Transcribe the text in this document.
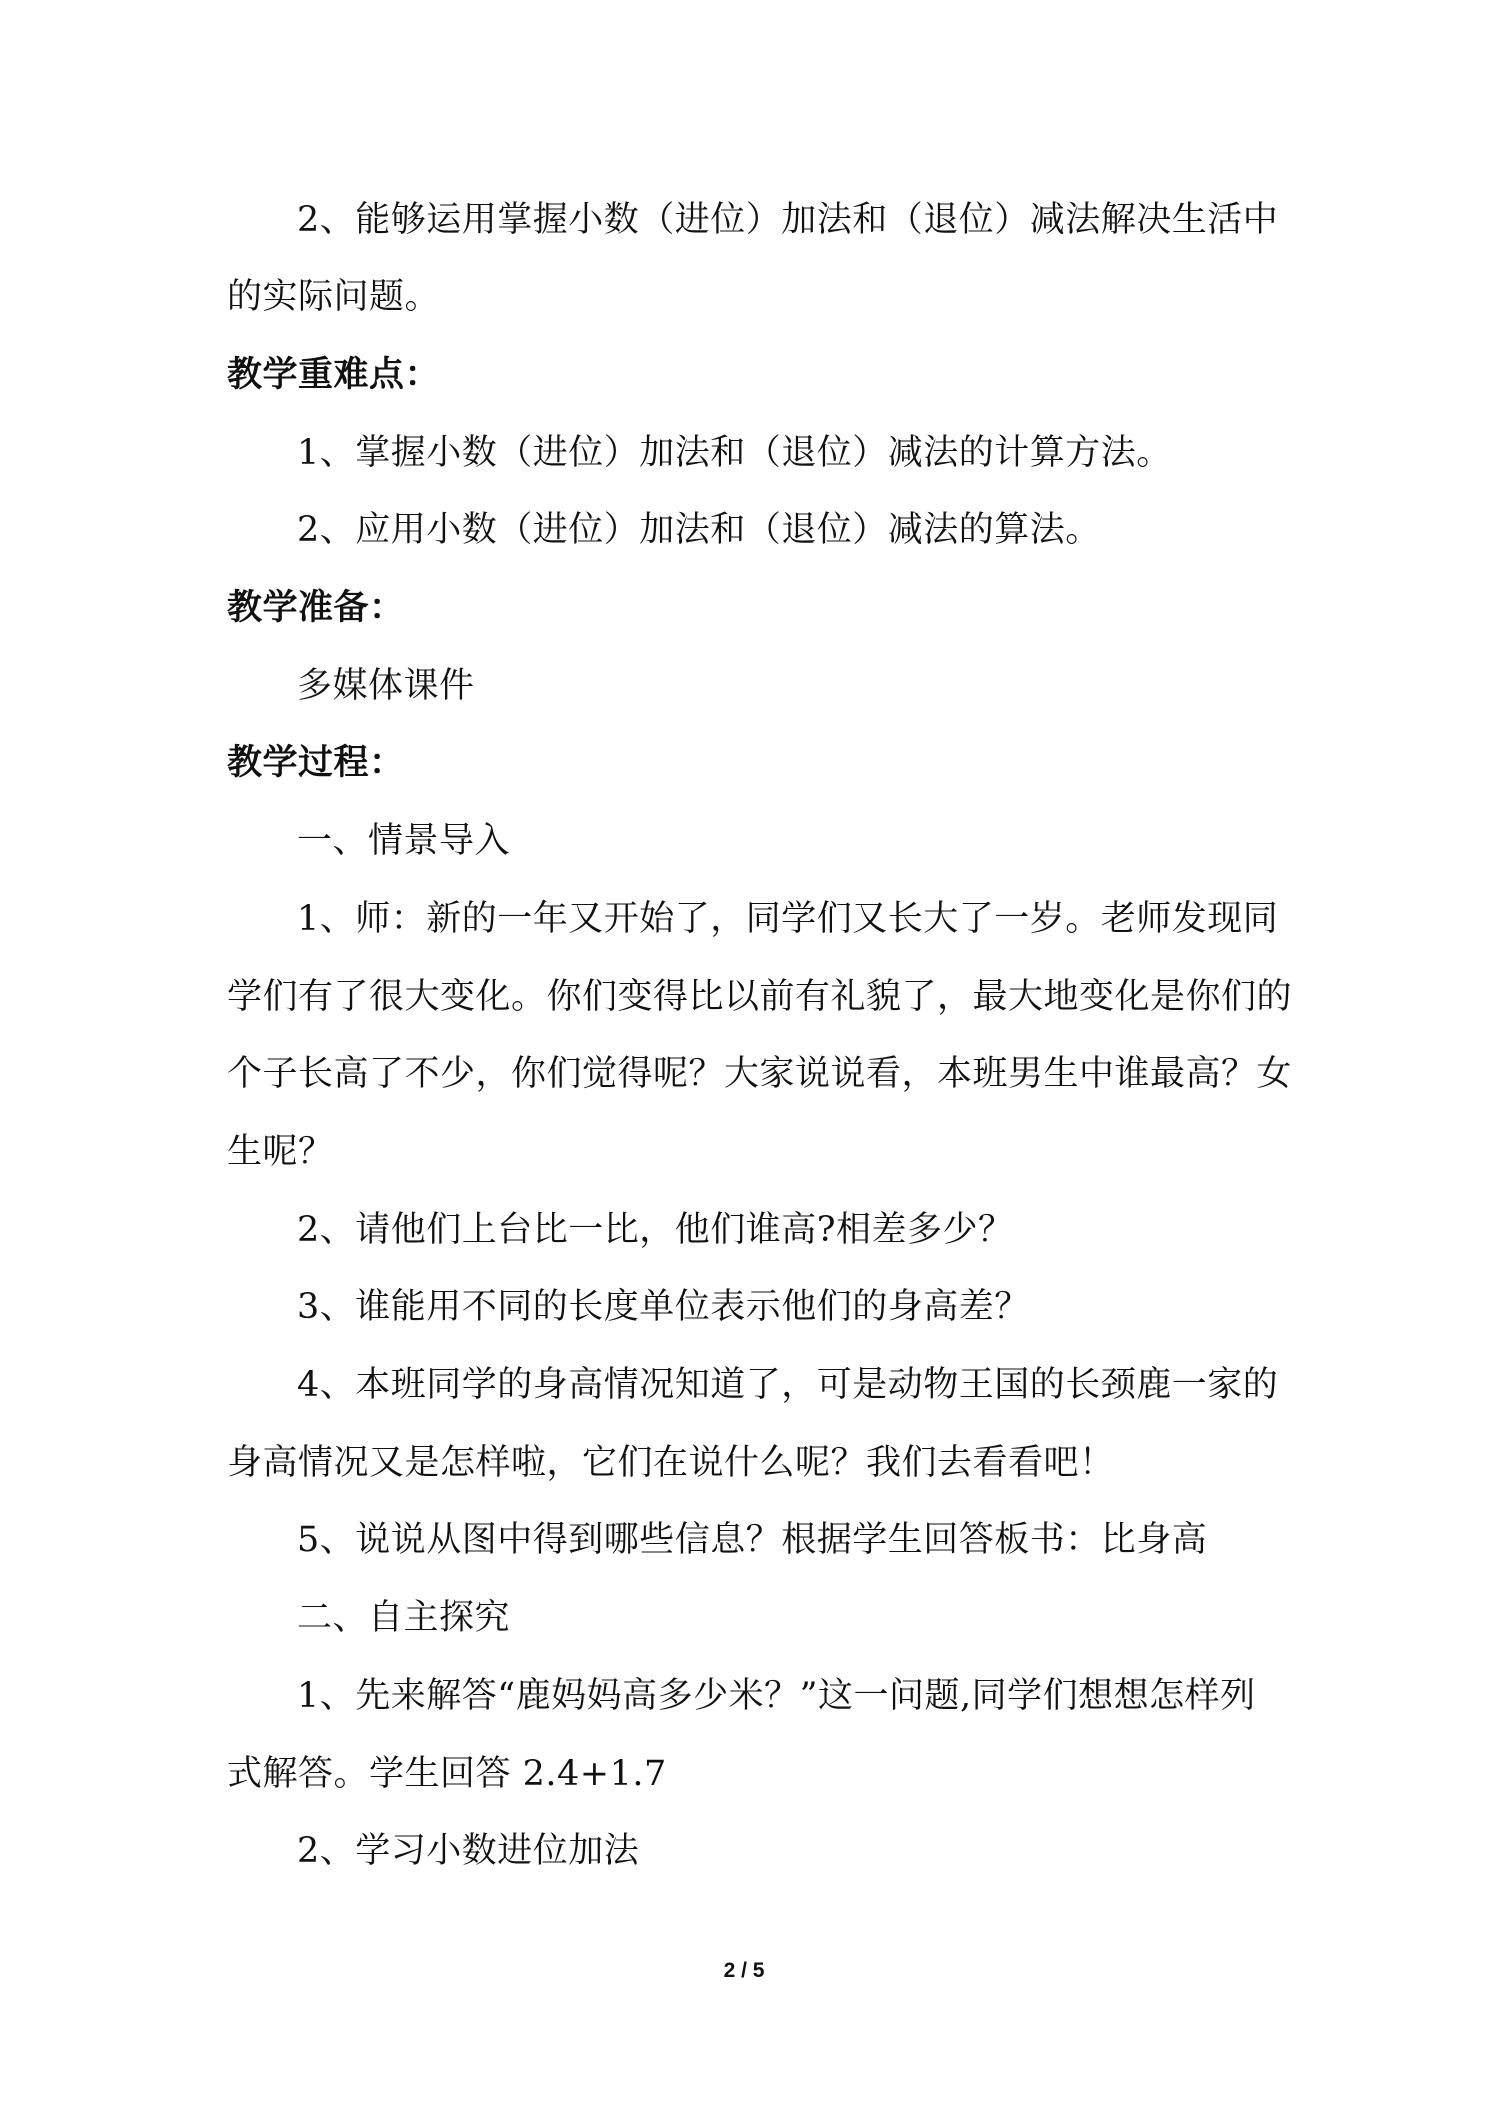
2、能够运用掌握小数（进位）加法和（退位）减法解决生活中
的实际问题。
教学重难点：
1、掌握小数（进位）加法和（退位）减法的计算方法。
2、应用小数（进位）加法和（退位）减法的算法。
教学准备：
多媒体课件
教学过程：
一、情景导入
1、师：新的一年又开始了，同学们又长大了一岁。老师发现同
学们有了很大变化。你们变得比以前有礼貌了，最大地变化是你们的
个子长高了不少，你们觉得呢？大家说说看，本班男生中谁最高？女
生呢？
2、请他们上台比一比，他们谁高?相差多少？
3、谁能用不同的长度单位表示他们的身高差？
4、本班同学的身高情况知道了，可是动物王国的长颈鹿一家的
身高情况又是怎样啦，它们在说什么呢？我们去看看吧！
5、说说从图中得到哪些信息？根据学生回答板书：比身高
二、自主探究
1、先来解答“鹿妈妈高多少米？”这一问题,同学们想想怎样列
式解答。学生回答 2.4+1.7
2、学习小数进位加法
2 / 5
